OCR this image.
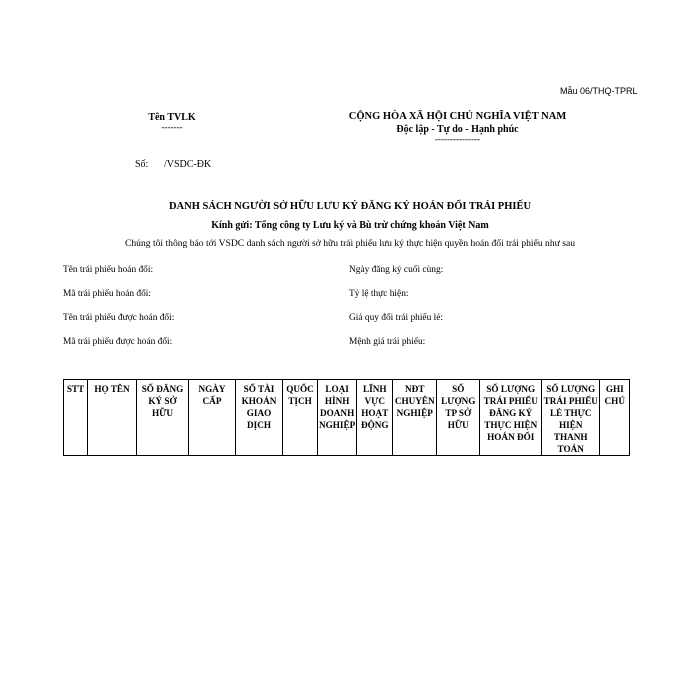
Mẫu 06/THQ-TPRL
Tên TVLK
-------
CỘNG HÒA XÃ HỘI CHỦ NGHĨA VIỆT NAM
Độc lập - Tự do - Hạnh phúc
---------------
Số: /VSDC-ĐK
DANH SÁCH NGƯỜI SỞ HỮU LƯU KÝ ĐĂNG KÝ HOÁN ĐỔI TRÁI PHIẾU
Kính gửi: Tổng công ty Lưu ký và Bù trừ chứng khoán Việt Nam
Chúng tôi thông báo tới VSDC danh sách người sở hữu trái phiếu lưu ký thực hiện quyền hoán đổi trái phiếu như sau
Tên trái phiếu hoán đổi:
Mã trái phiếu hoán đổi:
Tên trái phiếu được hoán đổi:
Mã trái phiếu được hoán đổi:
Ngày đăng ký cuối cùng:
Tỷ lệ thực hiện:
Giá quy đổi trái phiếu lẻ:
Mệnh giá trái phiếu:
STT	HỌ TÊN	SỐ ĐĂNG
KÝ SỞ
HỮU	NGÀY
CẤP	SỐ TÀI
KHOẢN
GIAO
DỊCH	QUỐC
TỊCH	LOẠI
HÌNH
DOANH
NGHIỆP	LĨNH
VỰC
HOẠT
ĐỘNG	NĐT
CHUYÊN
NGHIỆP	SỐ
LƯỢNG
TP SỞ
HỮU	SỐ LƯỢNG
TRÁI PHIẾU
ĐĂNG KÝ
THỰC HIỆN
HOÁN ĐỔI	SỐ LƯỢNG
TRÁI PHIẾU
LẺ THỰC
HIỆN
THANH
TOÁN	GHI
CHÚ
